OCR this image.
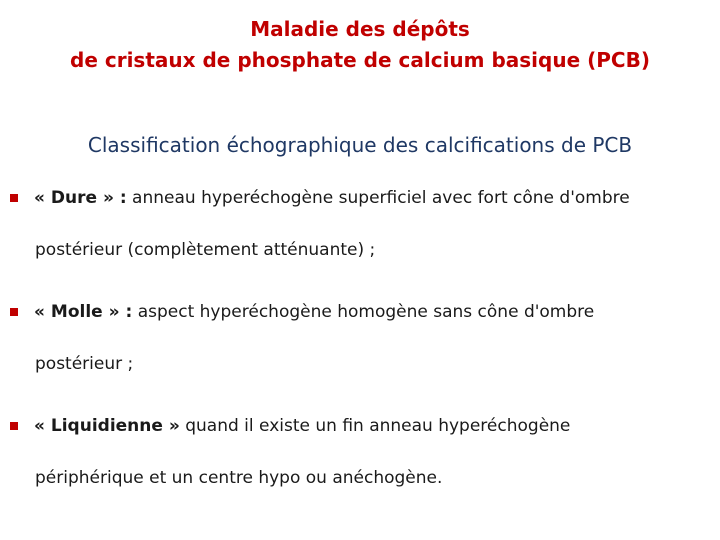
Maladie des dépôts
de cristaux de phosphate de calcium basique (PCB)
Classification échographique des calcifications de PCB
« Dure » : anneau hyperéchogène superficiel avec fort cône d'ombre
postérieur (complètement atténuante) ;
« Molle » : aspect hyperéchogène homogène sans cône d'ombre
postérieur ;
« Liquidienne » quand il existe un fin anneau hyperéchogène
périphérique et un centre hypo ou anéchogène.
